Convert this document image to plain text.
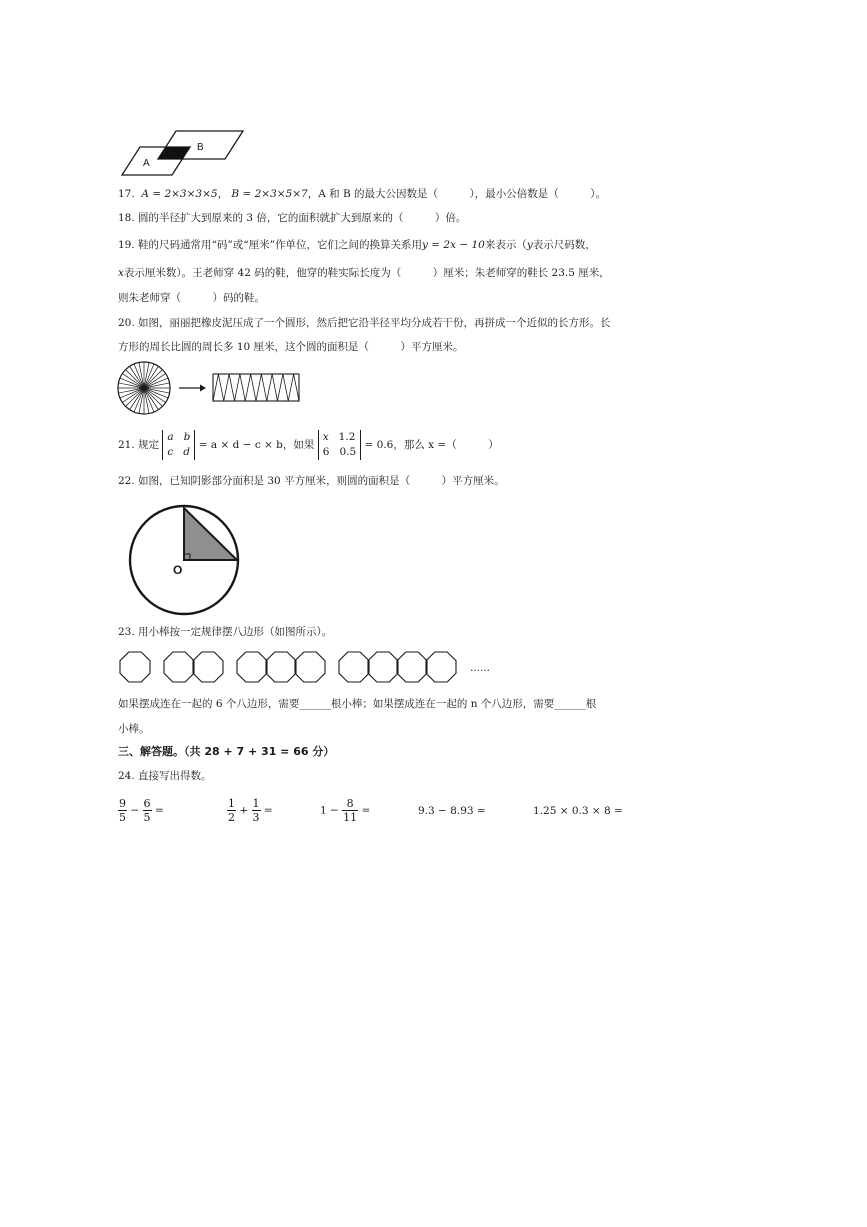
A
B
17. A = 2×3×3×5， B = 2×3×5×7，A 和 B 的最大公因数是（　　　），最小公倍数是（　　　）。
18. 圆的半径扩大到原来的 3 倍，它的面积就扩大到原来的（　　　）倍。
19. 鞋的尺码通常用“码”或“厘米”作单位，它们之间的换算关系用y = 2x − 10来表示（y表示尺码数，
x表示厘米数）。王老师穿 42 码的鞋，他穿的鞋实际长度为（　　　）厘米；朱老师穿的鞋长 23.5 厘米，
则朱老师穿（　　　）码的鞋。
20. 如图，丽丽把橡皮泥压成了一个圆形，然后把它沿半径平均分成若干份，再拼成一个近似的长方形。长
方形的周长比圆的周长多 10 厘米，这个圆的面积是（　　　）平方厘米。
21. 规定 a b
c d = a × d − c × b，如果 x 1.2
6 0.5 = 0.6，那么 x =（　　　）
22. 如图，已知阴影部分面积是 30 平方厘米，则圆的面积是（　　　）平方厘米。
O
23. 用小棒按一定规律摆八边形（如图所示）。
……
如果摆成连在一起的 6 个八边形，需要______根小棒；如果摆成连在一起的 n 个八边形，需要______根
小棒。
三、解答题。（共 28 + 7 + 31 = 66 分）
24. 直接写出得数。
$\frac{9}{5} - \frac{6}{5}$ =	$\frac{1}{2} + \frac{1}{3}$ =	$1 - \frac{8}{11}$ =	9.3 − 8.93 =	1.25 × 0.3 × 8 =
